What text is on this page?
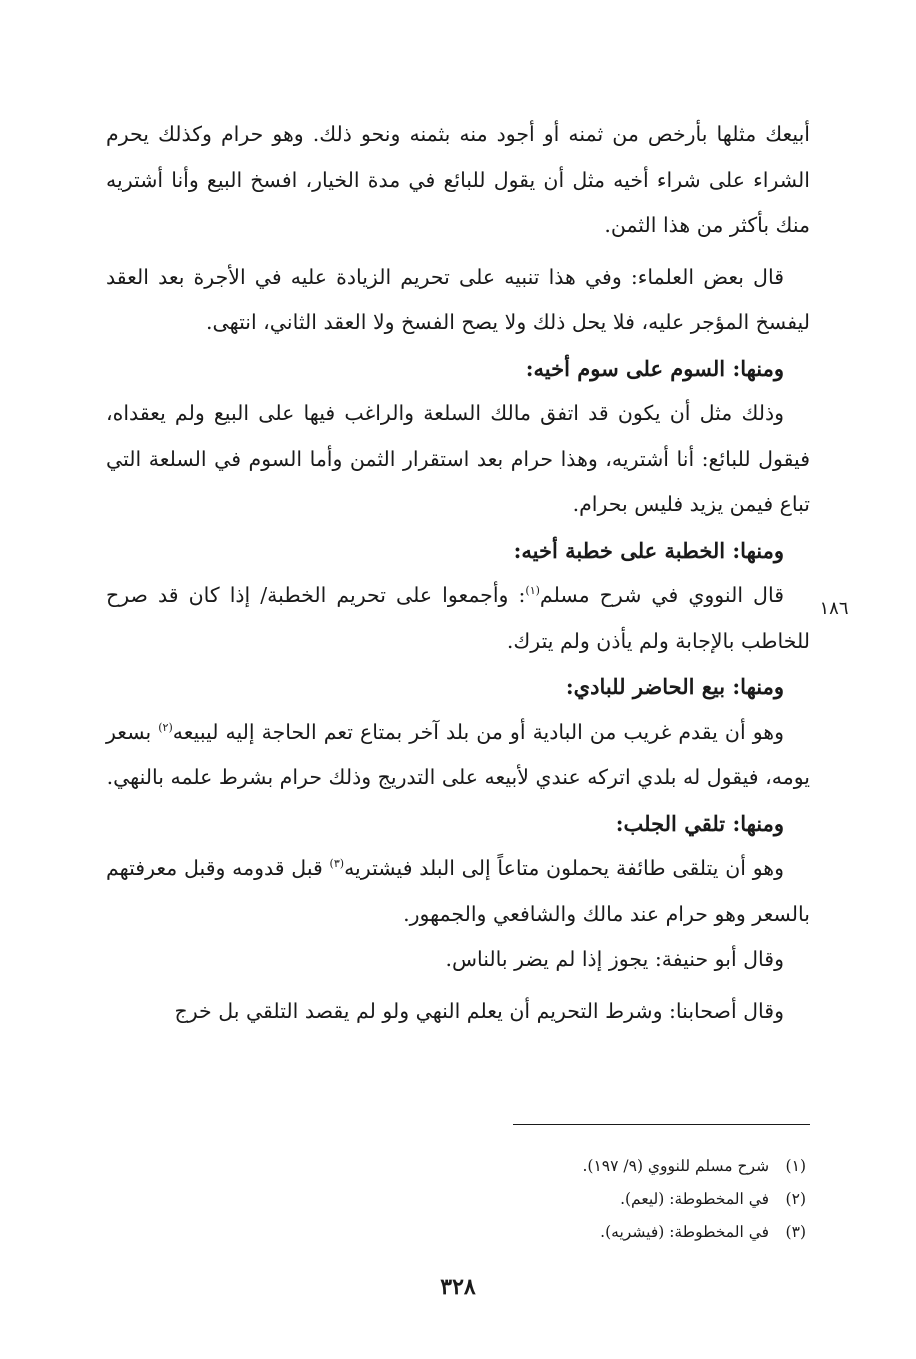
أبيعك مثلها بأرخص من ثمنه أو أجود منه بثمنه ونحو ذلك. وهو حرام وكذلك يحرم الشراء على شراء أخيه مثل أن يقول للبائع في مدة الخيار، افسخ البيع وأنا أشتريه منك بأكثر من هذا الثمن.

قال بعض العلماء: وفي هذا تنبيه على تحريم الزيادة عليه في الأجرة بعد العقد ليفسخ المؤجر عليه، فلا يحل ذلك ولا يصح الفسخ ولا العقد الثاني، انتهى.

ومنها: السوم على سوم أخيه:

وذلك مثل أن يكون قد اتفق مالك السلعة والراغب فيها على البيع ولم يعقداه، فيقول للبائع: أنا أشتريه، وهذا حرام بعد استقرار الثمن وأما السوم في السلعة التي تباع فيمن يزيد فليس بحرام.

ومنها: الخطبة على خطبة أخيه:

قال النووي في شرح مسلم$^{(١)}$: وأجمعوا على تحريم الخطبة/ إذا كان قد صرح للخاطب بالإجابة ولم يأذن ولم يترك.

ومنها: بيع الحاضر للبادي:

وهو أن يقدم غريب من البادية أو من بلد آخر بمتاع تعم الحاجة إليه ليبيعه$^{(٢)}$ بسعر يومه، فيقول له بلدي اتركه عندي لأبيعه على التدريج وذلك حرام بشرط علمه بالنهي.

ومنها: تلقي الجلب:

وهو أن يتلقى طائفة يحملون متاعاً إلى البلد فيشتريه$^{(٣)}$ قبل قدومه وقبل معرفتهم بالسعر وهو حرام عند مالك والشافعي والجمهور.

وقال أبو حنيفة: يجوز إذا لم يضر بالناس.

وقال أصحابنا: وشرط التحريم أن يعلم النهي ولو لم يقصد التلقي بل خرج

١٨٦
(١) شرح مسلم للنووي (٩/ ١٩٧).
(٢) في المخطوطة: (ليعم).
(٣) في المخطوطة: (فيشريه).
٣٢٨
